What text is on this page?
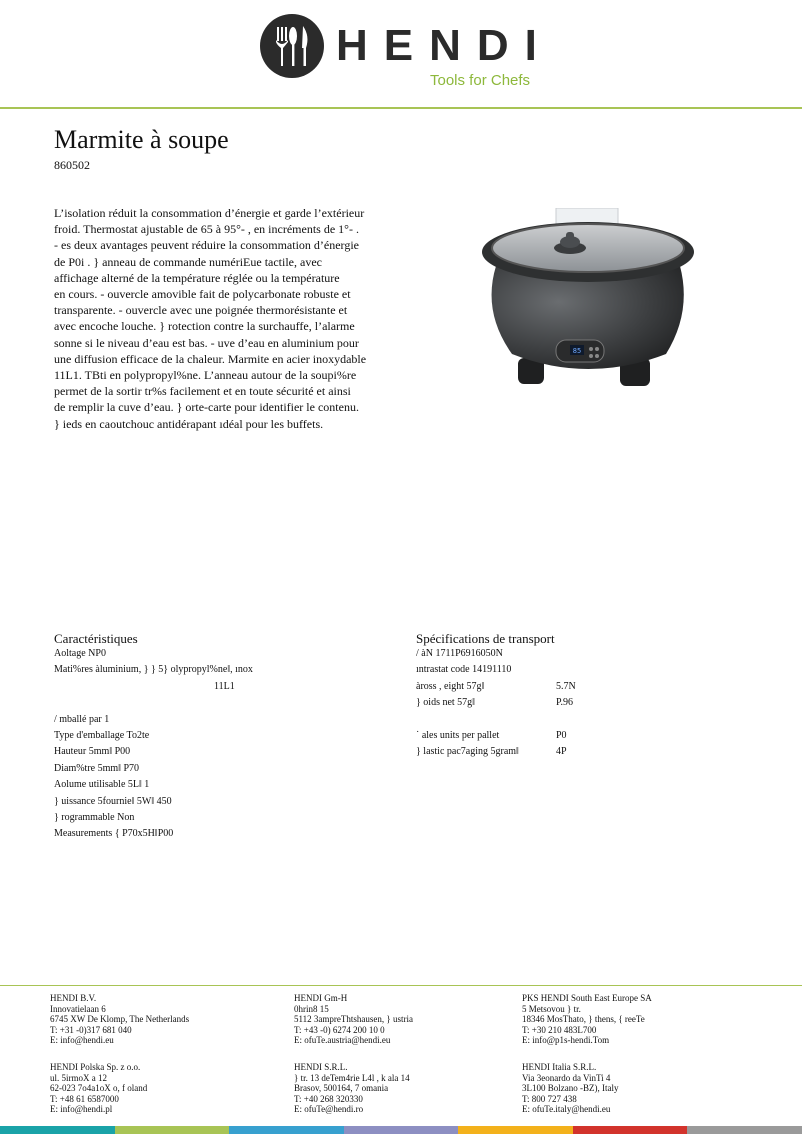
HENDI
Tools for Chefs
Marmite à soupe
860502
L’isolation réduit la consommation d’énergie et garde l’extérieur
froid. Thermostat ajustable de 65 à 95°- , en incréments de 1°- .
- es deux avantages peuvent réduire la consommation d’énergie
de P0i . } anneau de commande numériEue tactile, avec
affichage alterné de la température réglée ou la température
en cours. - ouvercle amovible fait de polycarbonate robuste et
transparente. - ouvercle avec une poignée thermorésistante et
avec encoche louche. } rotection contre la surchauffe, l’alarme
sonne si le niveau d’eau est bas. - uve d’eau en aluminium pour
une diffusion efficace de la chaleur. Marmite en acier inoxydable
11L1. TBti en polypropyl%ne. L’anneau autour de la soupi%re
permet de la sortir tr%s facilement et en toute sécurité et ainsi
de remplir la cuve d’eau. } orte-carte pour identifier le contenu.
} ieds en caoutchouc antidérapant ıdéal pour les buffets.
85
Caractéristiques
Aoltage NP0
Mati%res àluminium, } } 5} olypropyl%ne‖, ınox
11L1
/ mballé par 1
Type d'emballage To2te
Hauteur 5mm‖ P00
Diam%tre 5mm‖ P70
Aolume utilisable 5L‖ 1
} uissance 5fournie‖ 5W‖ 450
} rogrammable Non
Measurements { P70x5H‖P00
Spécifications de transport
/ àN 1711P6916050N
ıntrastat code 14191110
àross , eight 57g‖	5.7N
} oids net 57g‖	P.96
˙ ales units per pallet	P0
} lastic pac7aging 5gram‖	4P
HENDI B.V.
Innovatielaan 6
6745 XW De Klomp, The Netherlands
T: +31 -0)317 681 040
E: info@hendi.eu
HENDI Polska Sp. z o.o.
ul. 5irmoX a 12
62-023 7o4a1oX o, f oland
T: +48 61 6587000
E: info@hendi.pl
HENDI Gm-H
0hrin8 15
5112 3ampreThtshausen, } ustria
T: +43 -0) 6274 200 10 0
E: ofuTe.austria@hendi.eu
HENDI S.R.L.
} tr. 13 deTem4rie L4l , k ala 14
Brasov, 500164, 7 omania
T: +40 268 320330
E: ofuTe@hendi.ro
PKS HENDI South East Europe SA
5 Metsovou } tr.
18346 MosThato, } thens, { reeTe
T: +30 210 483L700
E: info@p1s-hendi.Tom
HENDI Italia S.R.L.
Via 3eonardo da VinTi 4
3L100 Bolzano -BZ), Italy
T: 800 727 438
E: ofuTe.italy@hendi.eu
